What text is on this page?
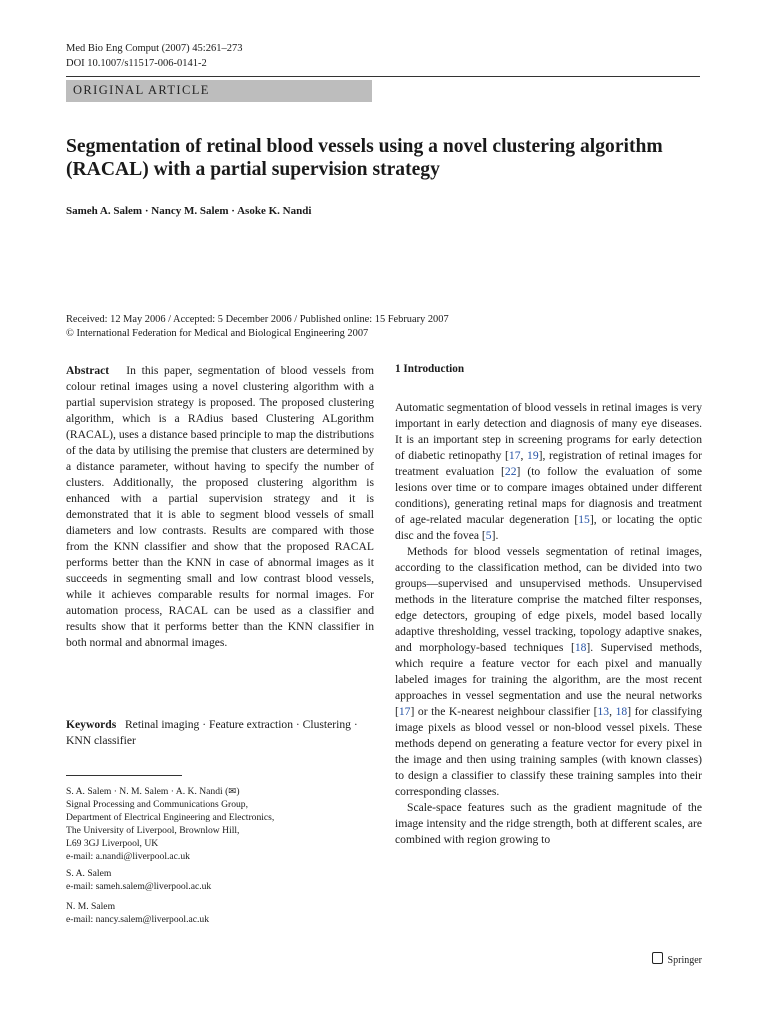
Med Bio Eng Comput (2007) 45:261–273
DOI 10.1007/s11517-006-0141-2
ORIGINAL ARTICLE
Segmentation of retinal blood vessels using a novel clustering algorithm (RACAL) with a partial supervision strategy
Sameh A. Salem · Nancy M. Salem · Asoke K. Nandi
Received: 12 May 2006 / Accepted: 5 December 2006 / Published online: 15 February 2007
© International Federation for Medical and Biological Engineering 2007
Abstract In this paper, segmentation of blood vessels from colour retinal images using a novel clustering algorithm with a partial supervision strategy is proposed. The proposed clustering algorithm, which is a RAdius based Clustering ALgorithm (RACAL), uses a distance based principle to map the distributions of the data by utilising the premise that clusters are determined by a distance parameter, without having to specify the number of clusters. Additionally, the proposed clustering algorithm is enhanced with a partial supervision strategy and it is demonstrated that it is able to segment blood vessels of small diameters and low contrasts. Results are compared with those from the KNN classifier and show that the proposed RACAL performs better than the KNN in case of abnormal images as it succeeds in segmenting small and low contrast blood vessels, while it achieves comparable results for normal images. For automation process, RACAL can be used as a classifier and results show that it performs better than the KNN classifier in both normal and abnormal images.
Keywords Retinal imaging · Feature extraction · Clustering · KNN classifier
S. A. Salem · N. M. Salem · A. K. Nandi (✉)
Signal Processing and Communications Group,
Department of Electrical Engineering and Electronics,
The University of Liverpool, Brownlow Hill,
L69 3GJ Liverpool, UK
e-mail: a.nandi@liverpool.ac.uk
S. A. Salem
e-mail: sameh.salem@liverpool.ac.uk
N. M. Salem
e-mail: nancy.salem@liverpool.ac.uk
1 Introduction

Automatic segmentation of blood vessels in retinal images is very important in early detection and diagnosis of many eye diseases. It is an important step in screening programs for early detection of diabetic retinopathy [17, 19], registration of retinal images for treatment evaluation [22] (to follow the evaluation of some lesions over time or to compare images obtained under different conditions), generating retinal maps for diagnosis and treatment of age-related macular degeneration [15], or locating the optic disc and the fovea [5].

Methods for blood vessels segmentation of retinal images, according to the classification method, can be divided into two groups—supervised and unsupervised methods. Unsupervised methods in the literature comprise the matched filter responses, edge detectors, grouping of edge pixels, model based locally adaptive thresholding, vessel tracking, topology adaptive snakes, and morphology-based techniques [18]. Supervised methods, which require a feature vector for each pixel and manually labeled images for training the algorithm, are the most recent approaches in vessel segmentation and use the neural networks [17] or the K-nearest neighbour classifier [13, 18] for classifying image pixels as blood vessel or non-blood vessel pixels. These methods depend on generating a feature vector for every pixel in the image and then using training samples (with known classes) to design a classifier to classify these training samples into their corresponding classes.

Scale-space features such as the gradient magnitude of the image intensity and the ridge strength, both at different scales, are combined with region growing to

Springer
